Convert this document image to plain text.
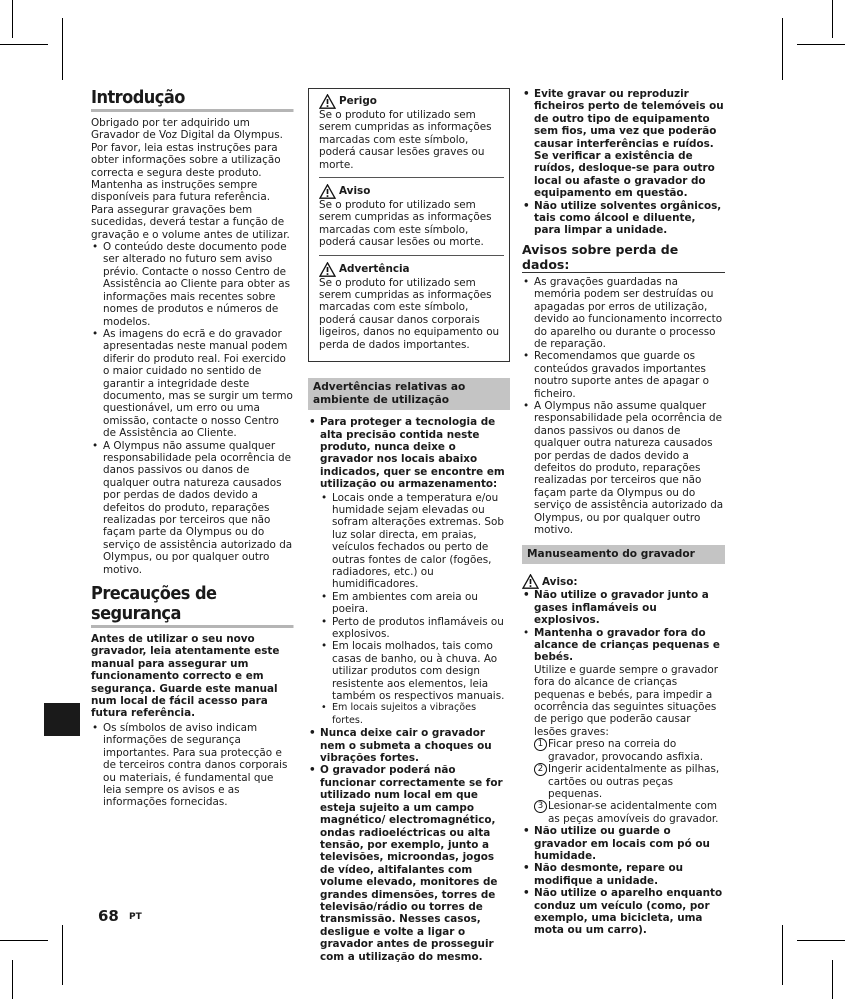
Introdução

Obrigado por ter adquirido um Gravador de Voz Digital da Olympus. Por favor, leia estas instruções para obter informações sobre a utilização correcta e segura deste produto. Mantenha as instruções sempre disponíveis para futura referência. Para assegurar gravações bem sucedidas, deverá testar a função de gravação e o volume antes de utilizar.

• O conteúdo deste documento pode ser alterado no futuro sem aviso prévio. Contacte o nosso Centro de Assistência ao Cliente para obter as informações mais recentes sobre nomes de produtos e números de modelos.
• As imagens do ecrã e do gravador apresentadas neste manual podem diferir do produto real. Foi exercido o maior cuidado no sentido de garantir a integridade deste documento, mas se surgir um termo questionável, um erro ou uma omissão, contacte o nosso Centro de Assistência ao Cliente.
• A Olympus não assume qualquer responsabilidade pela ocorrência de danos passivos ou danos de qualquer outra natureza causados por perdas de dados devido a defeitos do produto, reparações realizadas por terceiros que não façam parte da Olympus ou do serviço de assistência autorizado da Olympus, ou por qualquer outro motivo.
Precauções de segurança

Antes de utilizar o seu novo gravador, leia atentamente este manual para assegurar um funcionamento correcto e em segurança. Guarde este manual num local de fácil acesso para futura referência.

• Os símbolos de aviso indicam informações de segurança importantes. Para sua protecção e de terceiros contra danos corporais ou materiais, é fundamental que leia sempre os avisos e as informações fornecidas.
Perigo

Se o produto for utilizado sem serem cumpridas as informações marcadas com este símbolo, poderá causar lesões graves ou morte.

Aviso

Se o produto for utilizado sem serem cumpridas as informações marcadas com este símbolo, poderá causar lesões ou morte.

Advertência

Se o produto for utilizado sem serem cumpridas as informações marcadas com este símbolo, poderá causar danos corporais ligeiros, danos no equipamento ou perda de dados importantes.

Advertências relativas ao ambiente de utilização
• Para proteger a tecnologia de alta precisão contida neste produto, nunca deixe o gravador nos locais abaixo indicados, quer se encontre em utilização ou armazenamento:
• Locais onde a temperatura e/ou humidade sejam elevadas ou sofram alterações extremas. Sob luz solar directa, em praias, veículos fechados ou perto de outras fontes de calor (fogões, radiadores, etc.) ou humidificadores.
• Em ambientes com areia ou poeira.
• Perto de produtos inflamáveis ou explosivos.
• Em locais molhados, tais como casas de banho, ou à chuva. Ao utilizar produtos com design resistente aos elementos, leia também os respectivos manuais.
• Em locais sujeitos a vibrações fortes.
• Nunca deixe cair o gravador nem o submeta a choques ou vibrações fortes.
• O gravador poderá não funcionar correctamente se for utilizado num local em que esteja sujeito a um campo magnético/ electromagnético, ondas radioeléctricas ou alta tensão, por exemplo, junto a televisões, microondas, jogos de vídeo, altifalantes com volume elevado, monitores de grandes dimensões, torres de televisão/rádio ou torres de transmissão. Nesses casos, desligue e volte a ligar o gravador antes de prosseguir com a utilização do mesmo.
• Evite gravar ou reproduzir ficheiros perto de telemóveis ou de outro tipo de equipamento sem fios, uma vez que poderão causar interferências e ruídos. Se verificar a existência de ruídos, desloque-se para outro local ou afaste o gravador do equipamento em questão.
• Não utilize solventes orgânicos, tais como álcool e diluente, para limpar a unidade.
Avisos sobre perda de dados:
• As gravações guardadas na memória podem ser destruídas ou apagadas por erros de utilização, devido ao funcionamento incorrecto do aparelho ou durante o processo de reparação.
• Recomendamos que guarde os conteúdos gravados importantes noutro suporte antes de apagar o ficheiro.
• A Olympus não assume qualquer responsabilidade pela ocorrência de danos passivos ou danos de qualquer outra natureza causados por perdas de dados devido a defeitos do produto, reparações realizadas por terceiros que não façam parte da Olympus ou do serviço de assistência autorizado da Olympus, ou por qualquer outro motivo.
Manuseamento do gravador
Aviso:
• Não utilize o gravador junto a gases inflamáveis ou explosivos.
• Mantenha o gravador fora do alcance de crianças pequenas e bebés.
Utilize e guarde sempre o gravador fora do alcance de crianças pequenas e bebés, para impedir a ocorrência das seguintes situações de perigo que poderão causar lesões graves:
1 Ficar preso na correia do gravador, provocando asfixia.
2 Ingerir acidentalmente as pilhas, cartões ou outras peças pequenas.
3 Lesionar-se acidentalmente com as peças amovíveis do gravador.
• Não utilize ou guarde o gravador em locais com pó ou humidade.
• Não desmonte, repare ou modifique a unidade.
• Não utilize o aparelho enquanto conduz um veículo (como, por exemplo, uma bicicleta, uma mota ou um carro).
68 PT
